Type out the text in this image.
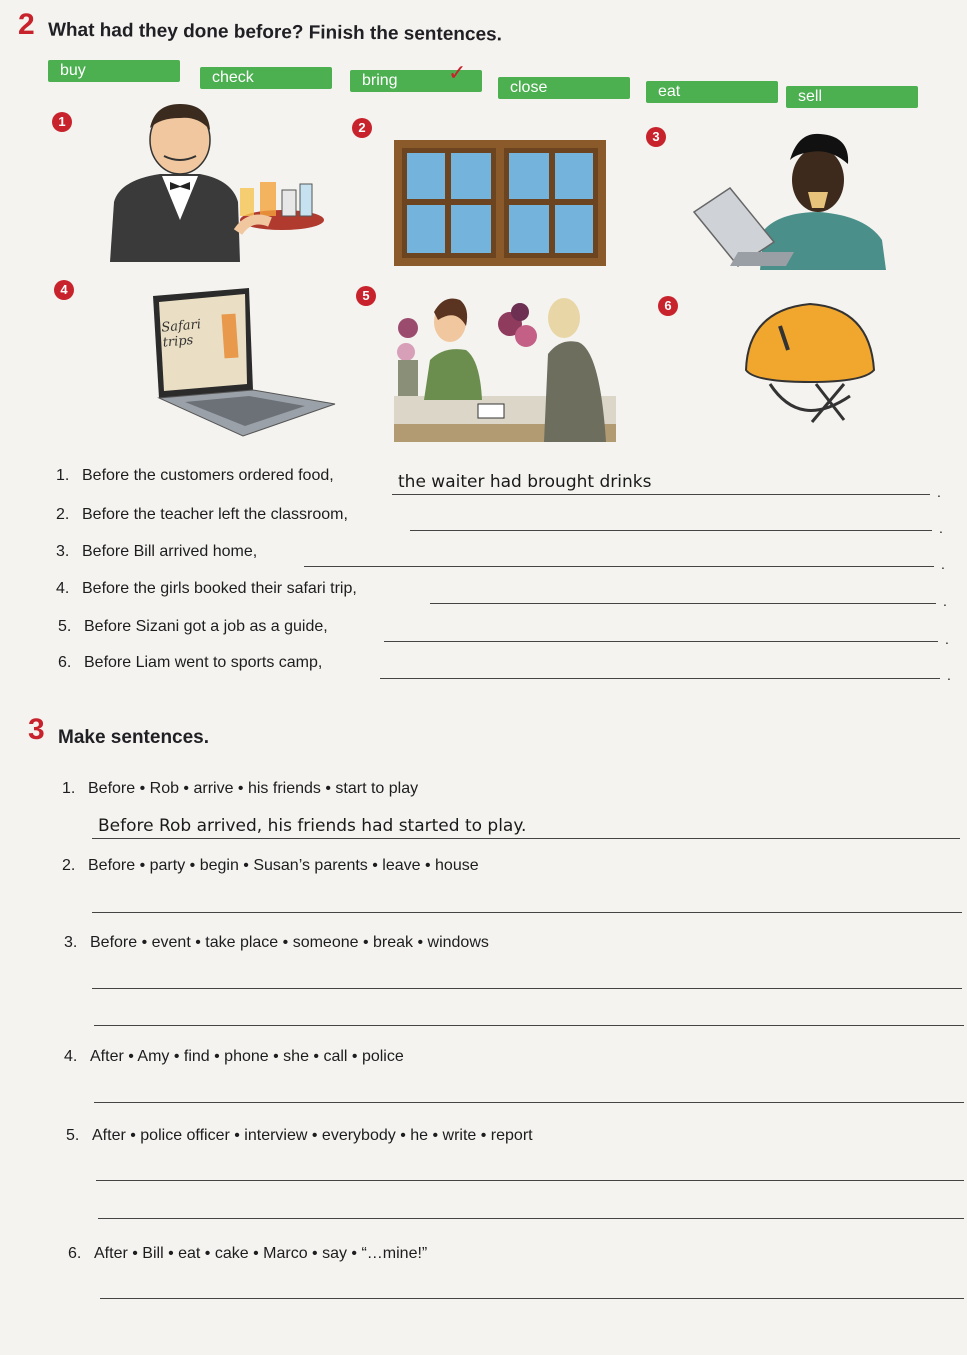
2 What had they done before? Finish the sentences.
buy	check	bring	✓
close	eat	sell
1	2
3
4
Safari trips
5
6
1. Before the customers ordered food,	the waiter had brought drinks	.
2. Before the teacher left the classroom,
.
3. Before Bill arrived home,
.
4. Before the girls booked their safari trip,
.
5. Before Sizani got a job as a guide,
.
6. Before Liam went to sports camp,
.
3 Make sentences.
1. Before • Rob • arrive • his friends • start to play
Before Rob arrived, his friends had started to play.
2. Before • party • begin • Susan’s parents • leave • house
3. Before • event • take place • someone • break • windows
4. After • Amy • find • phone • she • call • police
5. After • police officer • interview • everybody • he • write • report
6. After • Bill • eat • cake • Marco • say • “…mine!”
